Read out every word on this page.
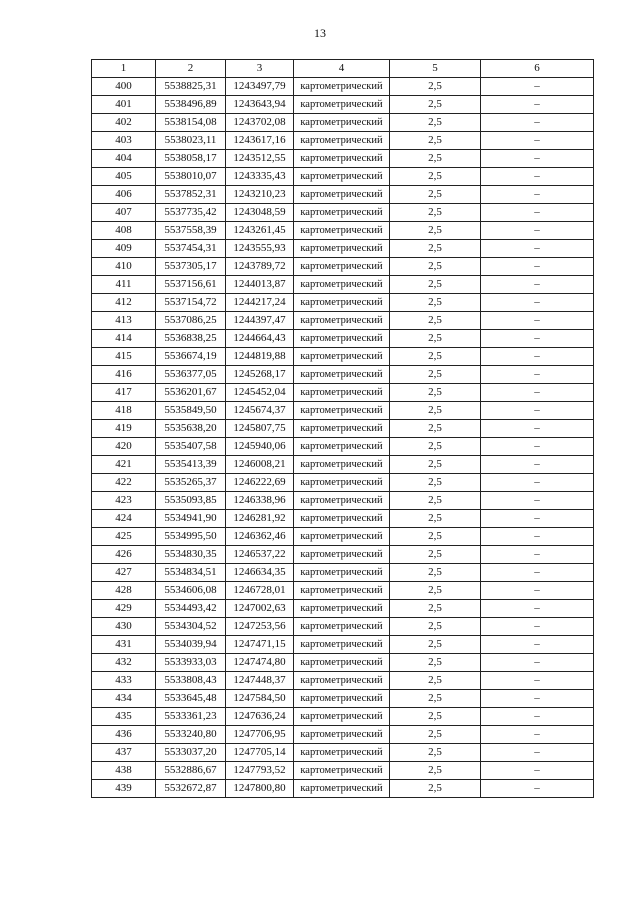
13
1	2	3	4	5	6
400	5538825,31	1243497,79	картометрический	2,5	–
401	5538496,89	1243643,94	картометрический	2,5	–
402	5538154,08	1243702,08	картометрический	2,5	–
403	5538023,11	1243617,16	картометрический	2,5	–
404	5538058,17	1243512,55	картометрический	2,5	–
405	5538010,07	1243335,43	картометрический	2,5	–
406	5537852,31	1243210,23	картометрический	2,5	–
407	5537735,42	1243048,59	картометрический	2,5	–
408	5537558,39	1243261,45	картометрический	2,5	–
409	5537454,31	1243555,93	картометрический	2,5	–
410	5537305,17	1243789,72	картометрический	2,5	–
411	5537156,61	1244013,87	картометрический	2,5	–
412	5537154,72	1244217,24	картометрический	2,5	–
413	5537086,25	1244397,47	картометрический	2,5	–
414	5536838,25	1244664,43	картометрический	2,5	–
415	5536674,19	1244819,88	картометрический	2,5	–
416	5536377,05	1245268,17	картометрический	2,5	–
417	5536201,67	1245452,04	картометрический	2,5	–
418	5535849,50	1245674,37	картометрический	2,5	–
419	5535638,20	1245807,75	картометрический	2,5	–
420	5535407,58	1245940,06	картометрический	2,5	–
421	5535413,39	1246008,21	картометрический	2,5	–
422	5535265,37	1246222,69	картометрический	2,5	–
423	5535093,85	1246338,96	картометрический	2,5	–
424	5534941,90	1246281,92	картометрический	2,5	–
425	5534995,50	1246362,46	картометрический	2,5	–
426	5534830,35	1246537,22	картометрический	2,5	–
427	5534834,51	1246634,35	картометрический	2,5	–
428	5534606,08	1246728,01	картометрический	2,5	–
429	5534493,42	1247002,63	картометрический	2,5	–
430	5534304,52	1247253,56	картометрический	2,5	–
431	5534039,94	1247471,15	картометрический	2,5	–
432	5533933,03	1247474,80	картометрический	2,5	–
433	5533808,43	1247448,37	картометрический	2,5	–
434	5533645,48	1247584,50	картометрический	2,5	–
435	5533361,23	1247636,24	картометрический	2,5	–
436	5533240,80	1247706,95	картометрический	2,5	–
437	5533037,20	1247705,14	картометрический	2,5	–
438	5532886,67	1247793,52	картометрический	2,5	–
439	5532672,87	1247800,80	картометрический	2,5	–
